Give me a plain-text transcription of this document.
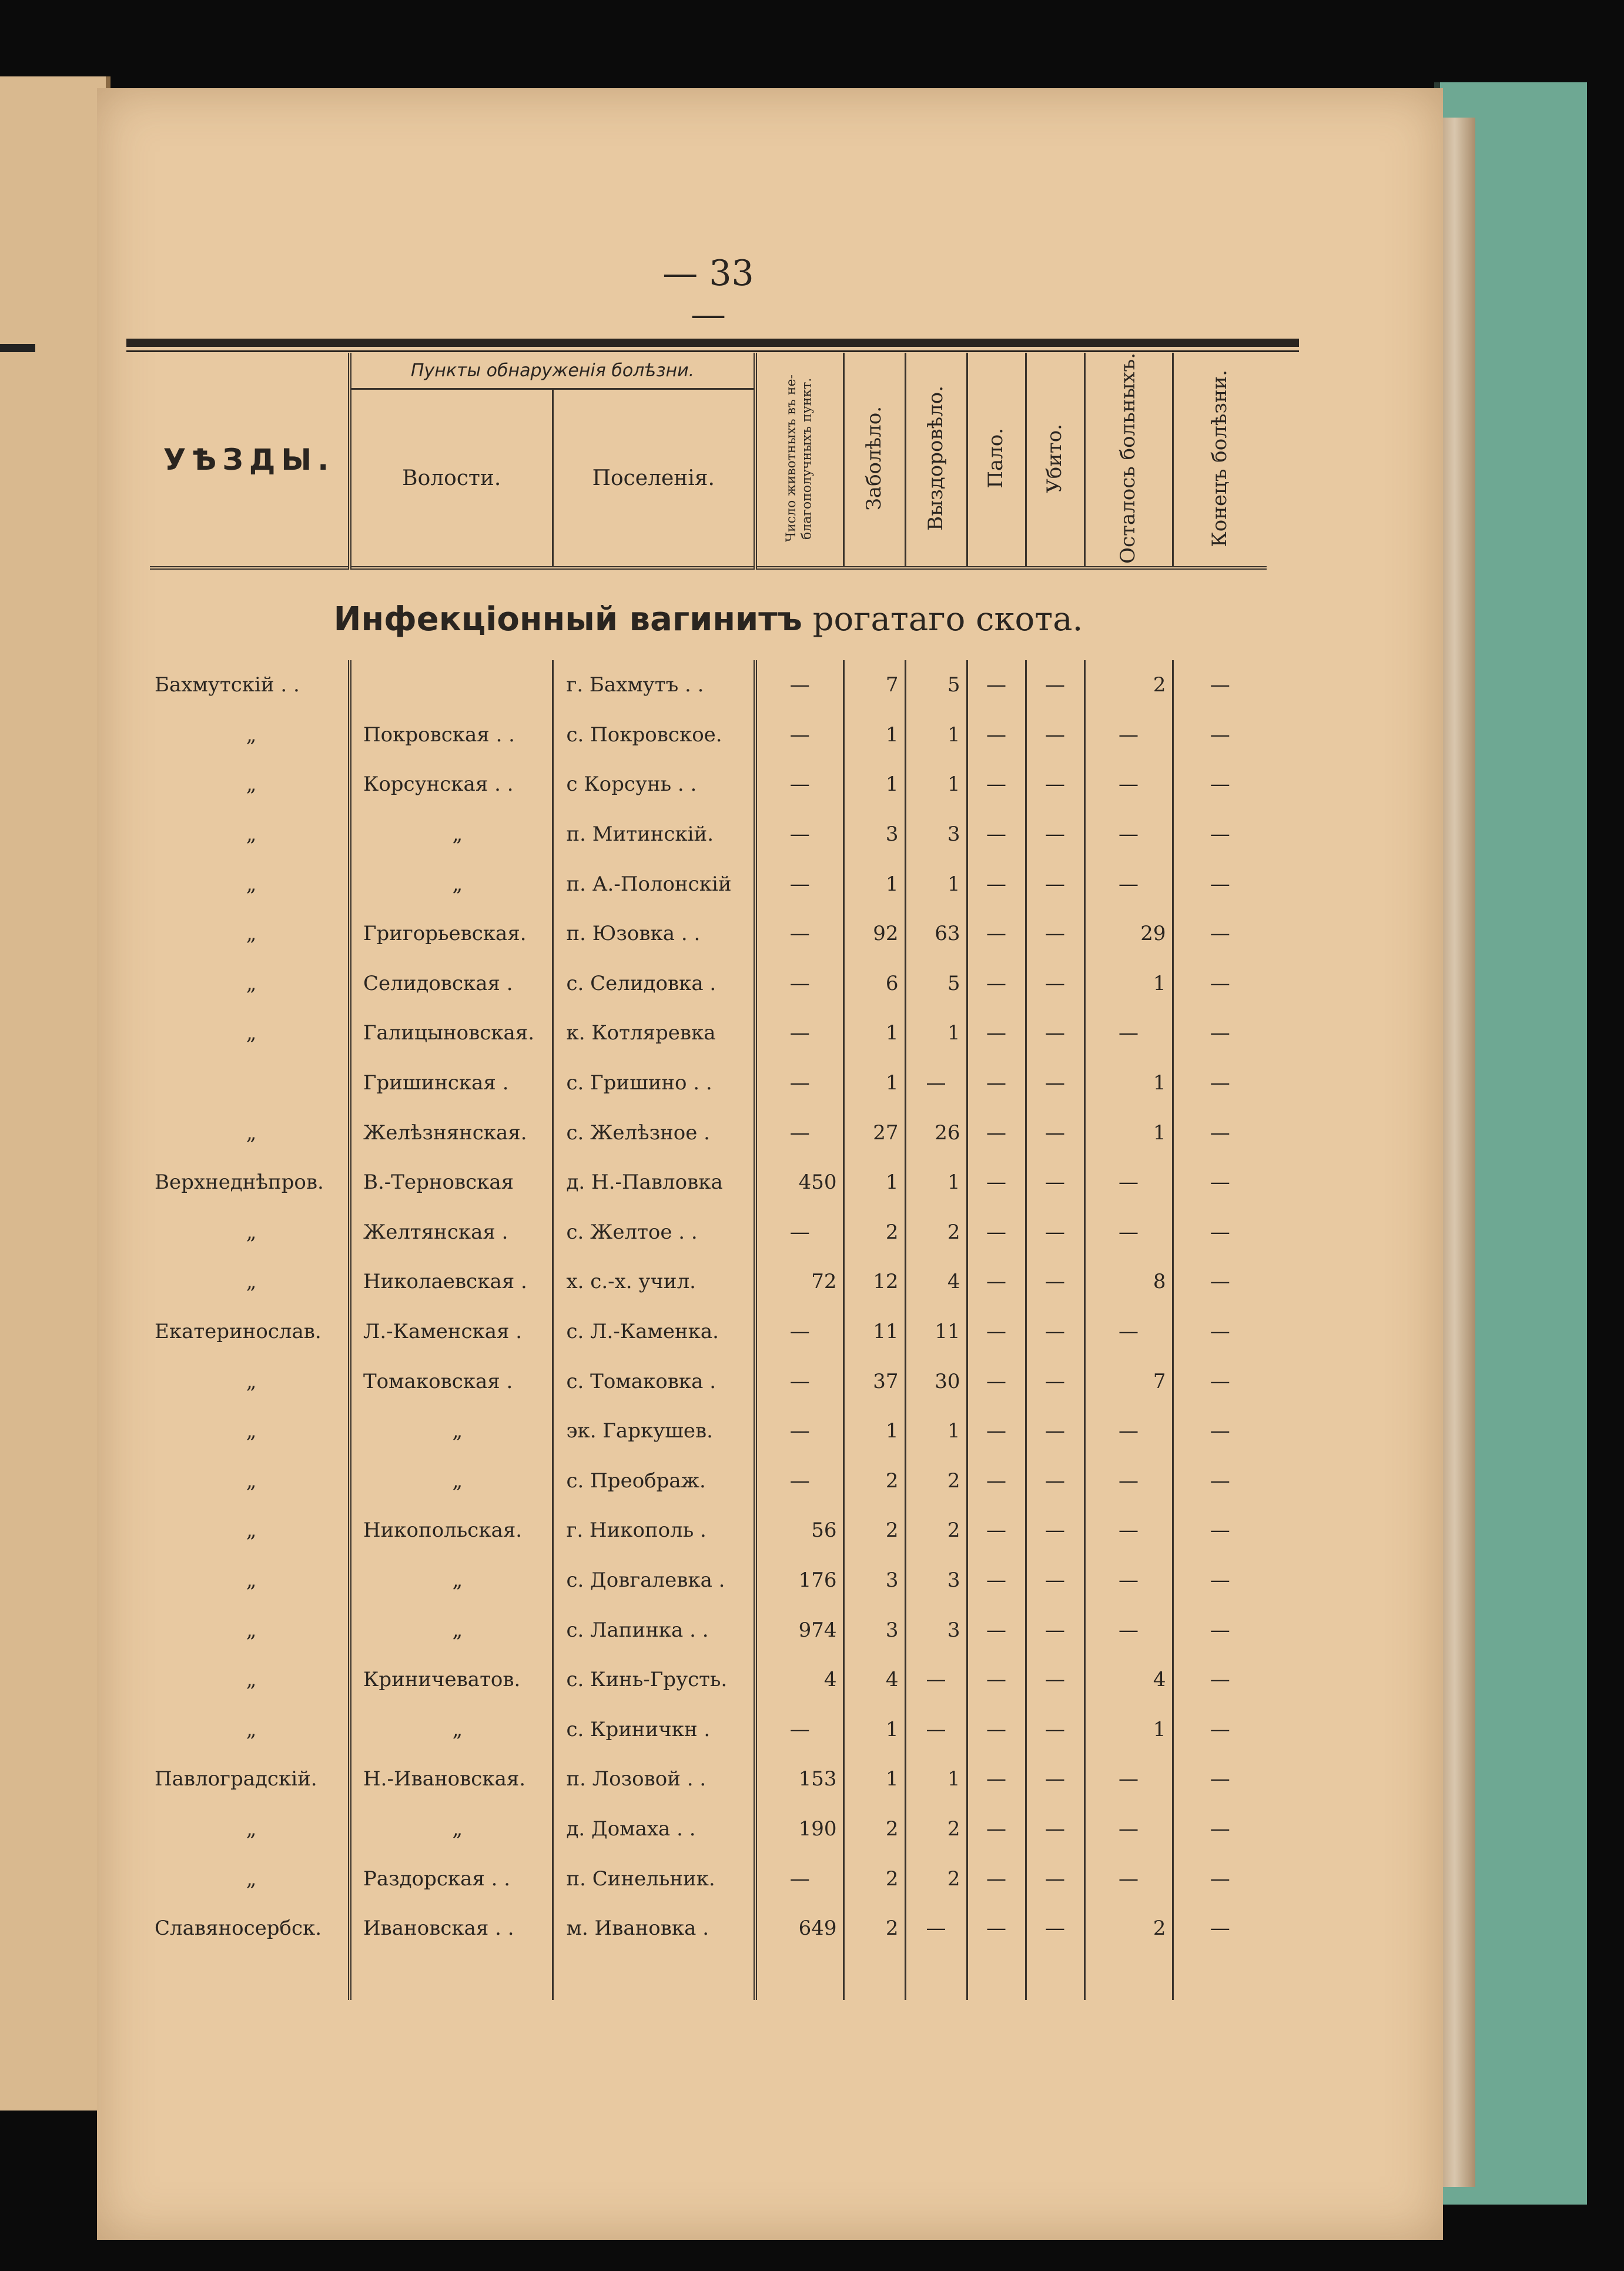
— 33 —
УѢЗДЫ.	Пункты обнаруженія болѣзни.		Число животныхъ въ не-благополучныхъ пункт.	Заболѣло.	Выздоровѣло.	Пало.	Убито.	Осталось больныхъ.	Конецъ болѣзни.
	Волости.	Поселенія.							

Инфекціонный вагинитъ рогатаго скота.									
Бахмутскій . .		г. Бахмутъ . .	—	7	5	—	—	2	—
„	Покровская . .	с. Покровское.	—	1	1	—	—	—	—
„	Корсунская . .	с Корсунь . .	—	1	1	—	—	—	—
„	„	п. Митинскій.	—	3	3	—	—	—	—
„	„	п. А.-Полонскій	—	1	1	—	—	—	—
„	Григорьевская.	п. Юзовка . .	—	92	63	—	—	29	—
„	Селидовская .	с. Селидовка .	—	6	5	—	—	1	—
„	Галицыновская.	к. Котляревка	—	1	1	—	—	—	—
	Гришинская .	с. Гришино . .	—	1	—	—	—	1	—
„	Желѣзнянская.	с. Желѣзное .	—	27	26	—	—	1	—
Верхнеднѣпров.	В.-Терновская	д. Н.-Павловка	450	1	1	—	—	—	—
„	Желтянская .	с. Желтое . .	—	2	2	—	—	—	—
„	Николаевская .	х. с.-х. учил.	72	12	4	—	—	8	—
Екатеринослав.	Л.-Каменская .	с. Л.-Каменка.	—	11	11	—	—	—	—
„	Томаковская .	с. Томаковка .	—	37	30	—	—	7	—
„	„	эк. Гаркушев.	—	1	1	—	—	—	—
„	„	с. Преображ.	—	2	2	—	—	—	—
„	Никопольская.	г. Никополь .	56	2	2	—	—	—	—
„	„	с. Довгалевка .	176	3	3	—	—	—	—
„	„	с. Лапинка . .	974	3	3	—	—	—	—
„	Криничеватов.	с. Кинь-Грусть.	4	4	—	—	—	4	—
„	„	с. Криничкн .	—	1	—	—	—	1	—
Павлоградскій.	Н.-Ивановская.	п. Лозовой . .	153	1	1	—	—	—	—
„	„	д. Домаха . .	190	2	2	—	—	—	—
„	Раздорская . .	п. Синельник.	—	2	2	—	—	—	—
Славяносербск.	Ивановская . .	м. Ивановка .	649	2	—	—	—	2	—
